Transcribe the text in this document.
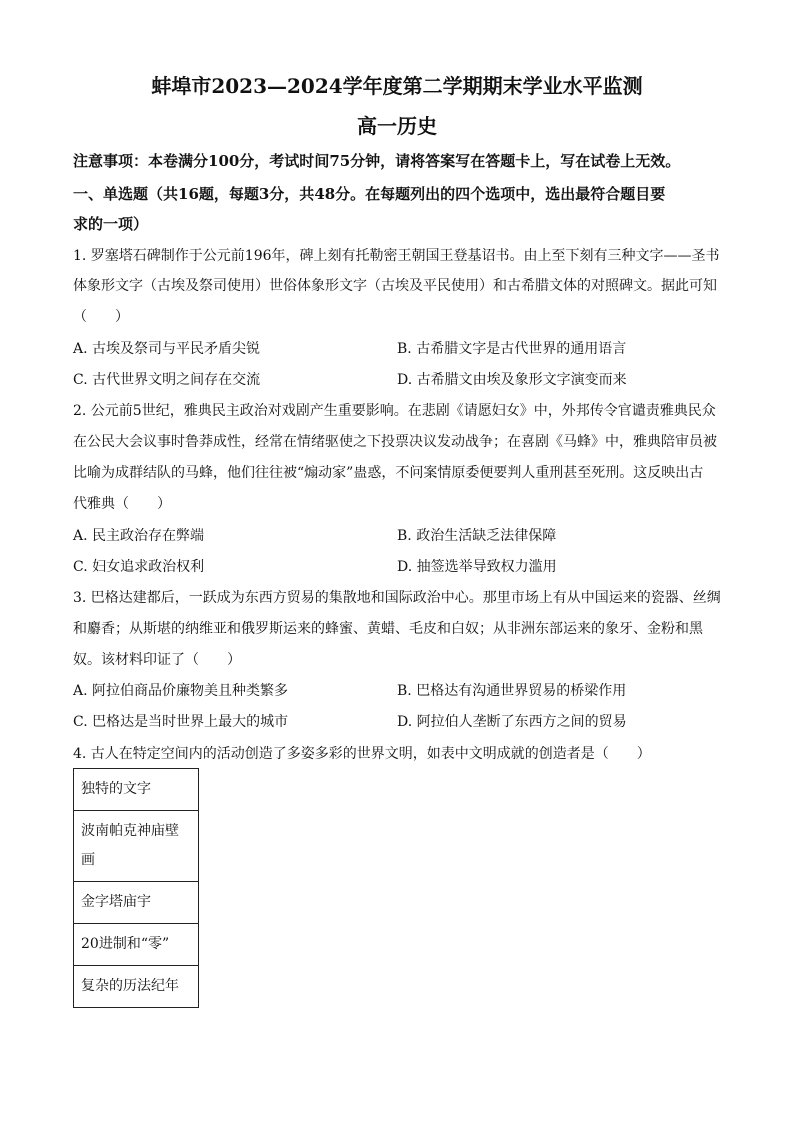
蚌埠市2023—2024学年度第二学期期末学业水平监测
高一历史
注意事项：本卷满分100分，考试时间75分钟，请将答案写在答题卡上，写在试卷上无效。
一、单选题（共16题，每题3分，共48分。在每题列出的四个选项中，选出最符合题目要
求的一项）
1. 罗塞塔石碑制作于公元前196年，碑上刻有托勒密王朝国王登基诏书。由上至下刻有三种文字——圣书
体象形文字（古埃及祭司使用）世俗体象形文字（古埃及平民使用）和古希腊文体的对照碑文。据此可知
（　　）
A. 古埃及祭司与平民矛盾尖锐	B. 古希腊文字是古代世界的通用语言
C. 古代世界文明之间存在交流	D. 古希腊文由埃及象形文字演变而来
2. 公元前5世纪，雅典民主政治对戏剧产生重要影响。在悲剧《请愿妇女》中，外邦传令官谴责雅典民众
在公民大会议事时鲁莽成性，经常在情绪驱使之下投票决议发动战争；在喜剧《马蜂》中，雅典陪审员被
比喻为成群结队的马蜂，他们往往被“煽动家”蛊惑，不问案情原委便要判人重刑甚至死刑。这反映出古
代雅典（　　）
A. 民主政治存在弊端	B. 政治生活缺乏法律保障
C. 妇女追求政治权利	D. 抽签选举导致权力滥用
3. 巴格达建都后，一跃成为东西方贸易的集散地和国际政治中心。那里市场上有从中国运来的瓷器、丝绸
和麝香；从斯堪的纳维亚和俄罗斯运来的蜂蜜、黄蜡、毛皮和白奴；从非洲东部运来的象牙、金粉和黑
奴。该材料印证了（　　）
A. 阿拉伯商品价廉物美且种类繁多	B. 巴格达有沟通世界贸易的桥梁作用
C. 巴格达是当时世界上最大的城市	D. 阿拉伯人垄断了东西方之间的贸易
4. 古人在特定空间内的活动创造了多姿多彩的世界文明，如表中文明成就的创造者是（　　）
独特的文字
波南帕克神庙壁画
金字塔庙宇
20进制和“零”
复杂的历法纪年
